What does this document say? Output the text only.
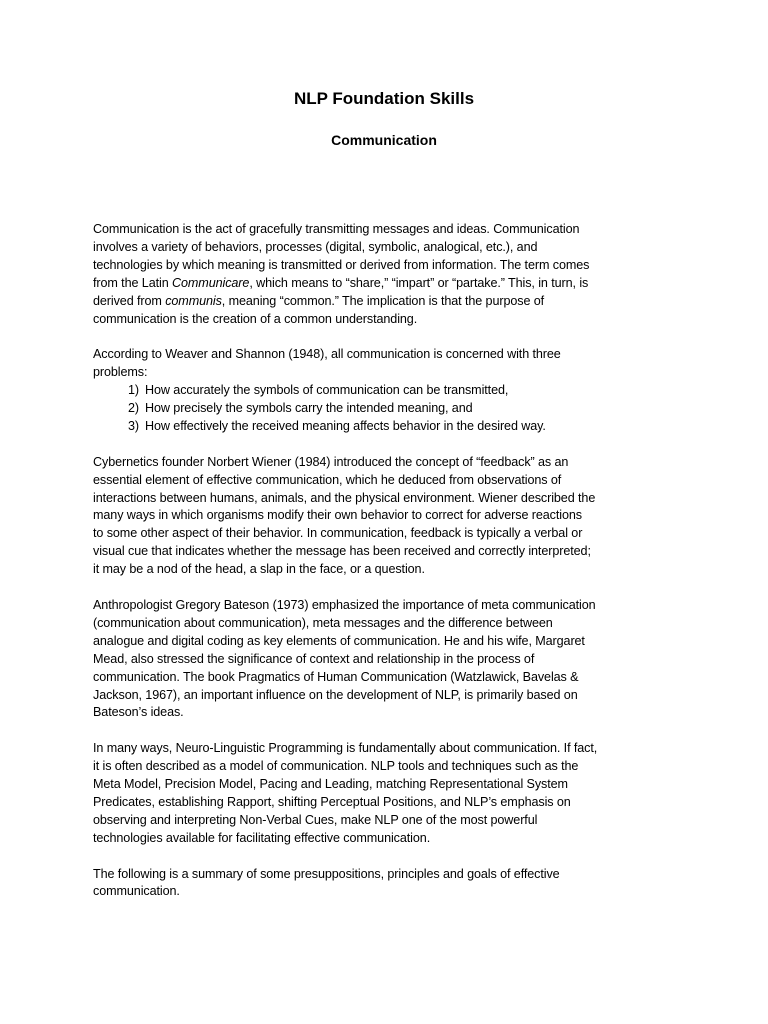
NLP Foundation Skills
Communication

Communication is the act of gracefully transmitting messages and ideas. Communication
involves a variety of behaviors, processes (digital, symbolic, analogical, etc.), and
technologies by which meaning is transmitted or derived from information. The term comes
from the Latin Communicare, which means to “share,” “impart” or “partake.” This, in turn, is
derived from communis, meaning “common.” The implication is that the purpose of
communication is the creation of a common understanding.

According to Weaver and Shannon (1948), all communication is concerned with three
problems:
1) How accurately the symbols of communication can be transmitted,
2) How precisely the symbols carry the intended meaning, and
3) How effectively the received meaning affects behavior in the desired way.

Cybernetics founder Norbert Wiener (1984) introduced the concept of “feedback” as an
essential element of effective communication, which he deduced from observations of
interactions between humans, animals, and the physical environment. Wiener described the
many ways in which organisms modify their own behavior to correct for adverse reactions
to some other aspect of their behavior. In communication, feedback is typically a verbal or
visual cue that indicates whether the message has been received and correctly interpreted;
it may be a nod of the head, a slap in the face, or a question.

Anthropologist Gregory Bateson (1973) emphasized the importance of meta communication
(communication about communication), meta messages and the difference between
analogue and digital coding as key elements of communication. He and his wife, Margaret
Mead, also stressed the significance of context and relationship in the process of
communication. The book Pragmatics of Human Communication (Watzlawick, Bavelas &
Jackson, 1967), an important influence on the development of NLP, is primarily based on
Bateson’s ideas.

In many ways, Neuro-Linguistic Programming is fundamentally about communication. If fact,
it is often described as a model of communication. NLP tools and techniques such as the
Meta Model, Precision Model, Pacing and Leading, matching Representational System
Predicates, establishing Rapport, shifting Perceptual Positions, and NLP’s emphasis on
observing and interpreting Non-Verbal Cues, make NLP one of the most powerful
technologies available for facilitating effective communication.

The following is a summary of some presuppositions, principles and goals of effective
communication.
